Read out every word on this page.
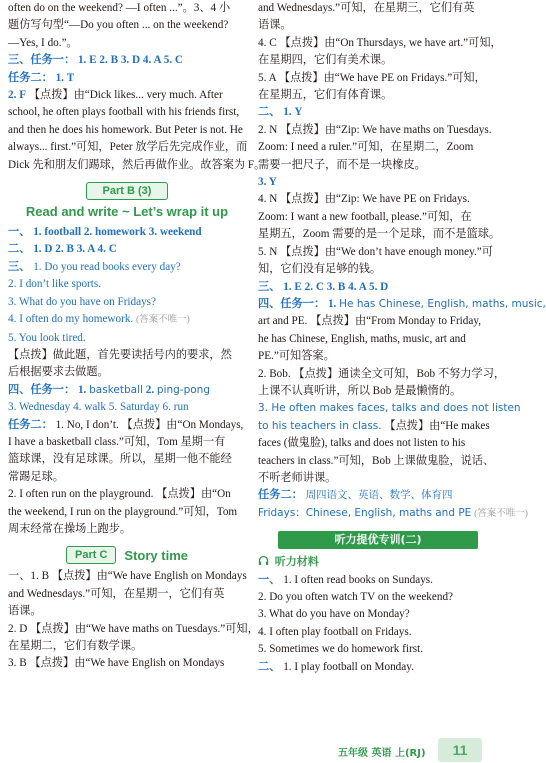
often do on the weekend? —I often ...”。3、4 小
题仿写句型“—Do you often ... on the weekend?
—Yes, I do.”。
三、任务一： 1. E 2. B 3. D 4. A 5. C
任务二： 1. T
2. F 【点拨】由“Dick likes... very much. After
school, he often plays football with his friends first,
and then he does his homework. But Peter is not. He
always... first.”可知，Peter 放学后先完成作业，而
Dick 先和朋友们踢球，然后再做作业。故答案为 F。
Part B (3)
Read and write ~ Let’s wrap it up
一、 1. football 2. homework 3. weekend
二、 1. D 2. B 3. A 4. C
三、 1. Do you read books every day?
2. I don’t like sports.
3. What do you have on Fridays?
4. I often do my homework. (答案不唯一)
5. You look tired.
【点拨】做此题，首先要读括号内的要求，然
后根据要求去做题。
四、任务一： 1. basketball 2. ping-pong
3. Wednesday 4. walk 5. Saturday 6. run
任务二： 1. No, I don’t. 【点拨】由“On Mondays,
I have a basketball class.”可知，Tom 星期一有
篮球课，没有足球课。所以，星期一他不能经
常踢足球。
2. I often run on the playground. 【点拨】由“On
the weekend, I run on the playground.”可知，Tom
周末经常在操场上跑步。
Part C	Story time
一、1. B 【点拨】由“We have English on Mondays
and Wednesdays.”可知，在星期一，它们有英
语课。
2. D 【点拨】由“We have maths on Tuesdays.”可知，
在星期二，它们有数学课。
3. B 【点拨】由“We have English on Mondays
and Wednesdays.”可知，在星期三，它们有英
语课。
4. C 【点拨】由“On Thursdays, we have art.”可知，
在星期四，它们有美术课。
5. A 【点拨】由“We have PE on Fridays.”可知，
在星期五，它们有体育课。
二、 1. Y
2. N 【点拨】由“Zip: We have maths on Tuesdays.
Zoom: I need a ruler.”可知，在星期二，Zoom
需要一把尺子，而不是一块橡皮。
3. Y
4. N 【点拨】由“Zip: We have PE on Fridays.
Zoom: I want a new football, please.”可知，在
星期五，Zoom 需要的是一个足球，而不是篮球。
5. N 【点拨】由“We don’t have enough money.”可
知，它们没有足够的钱。
三、 1. E 2. C 3. B 4. A 5. D
四、任务一： 1. He has Chinese, English, maths, music,
art and PE. 【点拨】由“From Monday to Friday,
he has Chinese, English, maths, music, art and
PE.”可知答案。
2. Bob. 【点拨】通读全文可知，Bob 不努力学习，
上课不认真听讲，所以 Bob 是最懒惰的。
3. He often makes faces, talks and does not listen
to his teachers in class. 【点拨】由“He makes
faces (做鬼脸), talks and does not listen to his
teachers in class.”可知，Bob 上课做鬼脸，说话、
不听老师讲课。
任务二： 周四语文、英语、数学、体育四
Fridays：Chinese, English, maths and PE (答案不唯一)
听力提优专训(二)
听力材料
一、 1. I often read books on Sundays.
2. Do you often watch TV on the weekend?
3. What do you have on Monday?
4. I often play football on Fridays.
5. Sometimes we do homework first.
二、 1. I play football on Monday.
五年级 英语 上(RJ)	11
